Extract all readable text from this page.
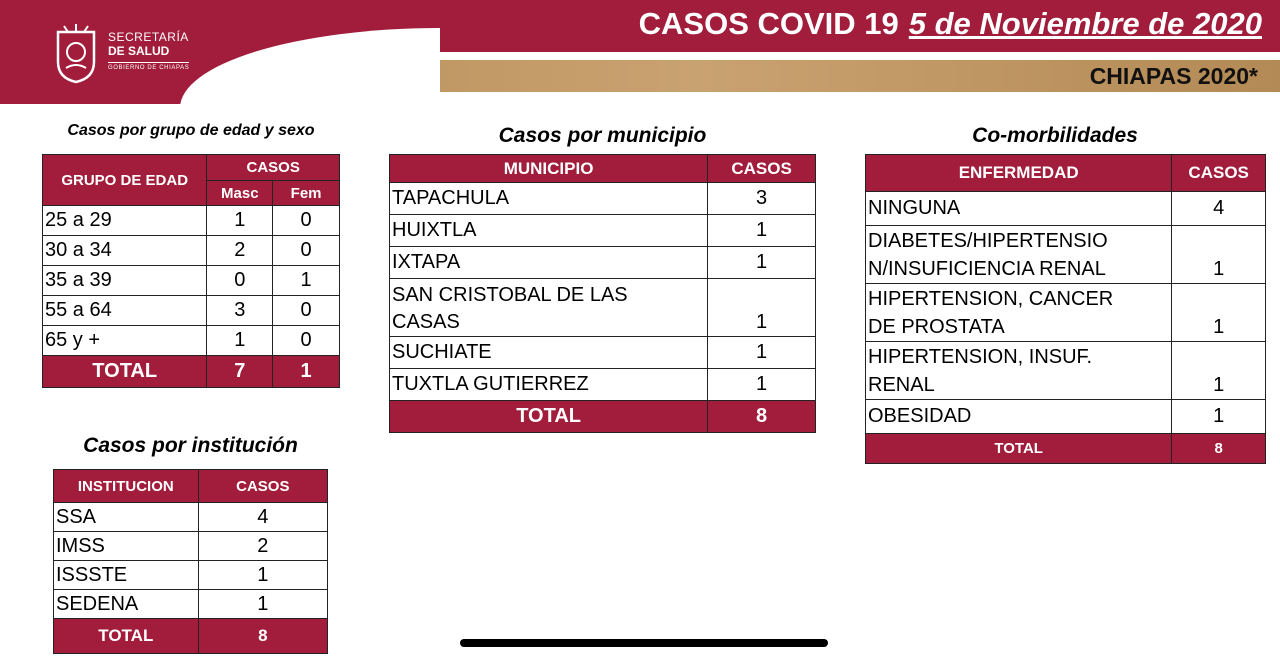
SECRETARÍA
DE SALUD
GOBIERNO DE CHIAPAS
CASOS COVID 19 5 de Noviembre de 2020
CHIAPAS 2020*
Casos por grupo de edad y sexo
GRUPO DE EDAD	CASOS	
	Masc	Fem
25 a 29	1	0
30 a 34	2	0
35 a 39	0	1
55 a 64	3	0
65 y +	1	0
TOTAL	7	1
Casos por municipio
MUNICIPIO	CASOS
TAPACHULA	3
HUIXTLA	1
IXTAPA	1

SAN CRISTOBAL DE LAS
CASAS	1
SUCHIATE	1
TUXTLA GUTIERREZ	1
TOTAL	8
Co-morbilidades
ENFERMEDAD	CASOS
NINGUNA	4

DIABETES/HIPERTENSIO
N/INSUFICIENCIA RENAL	1

HIPERTENSION, CANCER
DE PROSTATA	1

HIPERTENSION, INSUF.
RENAL	1
OBESIDAD	1
TOTAL	8
Casos por institución
INSTITUCION	CASOS
SSA	4
IMSS	2
ISSSTE	1
SEDENA	1
TOTAL	8
